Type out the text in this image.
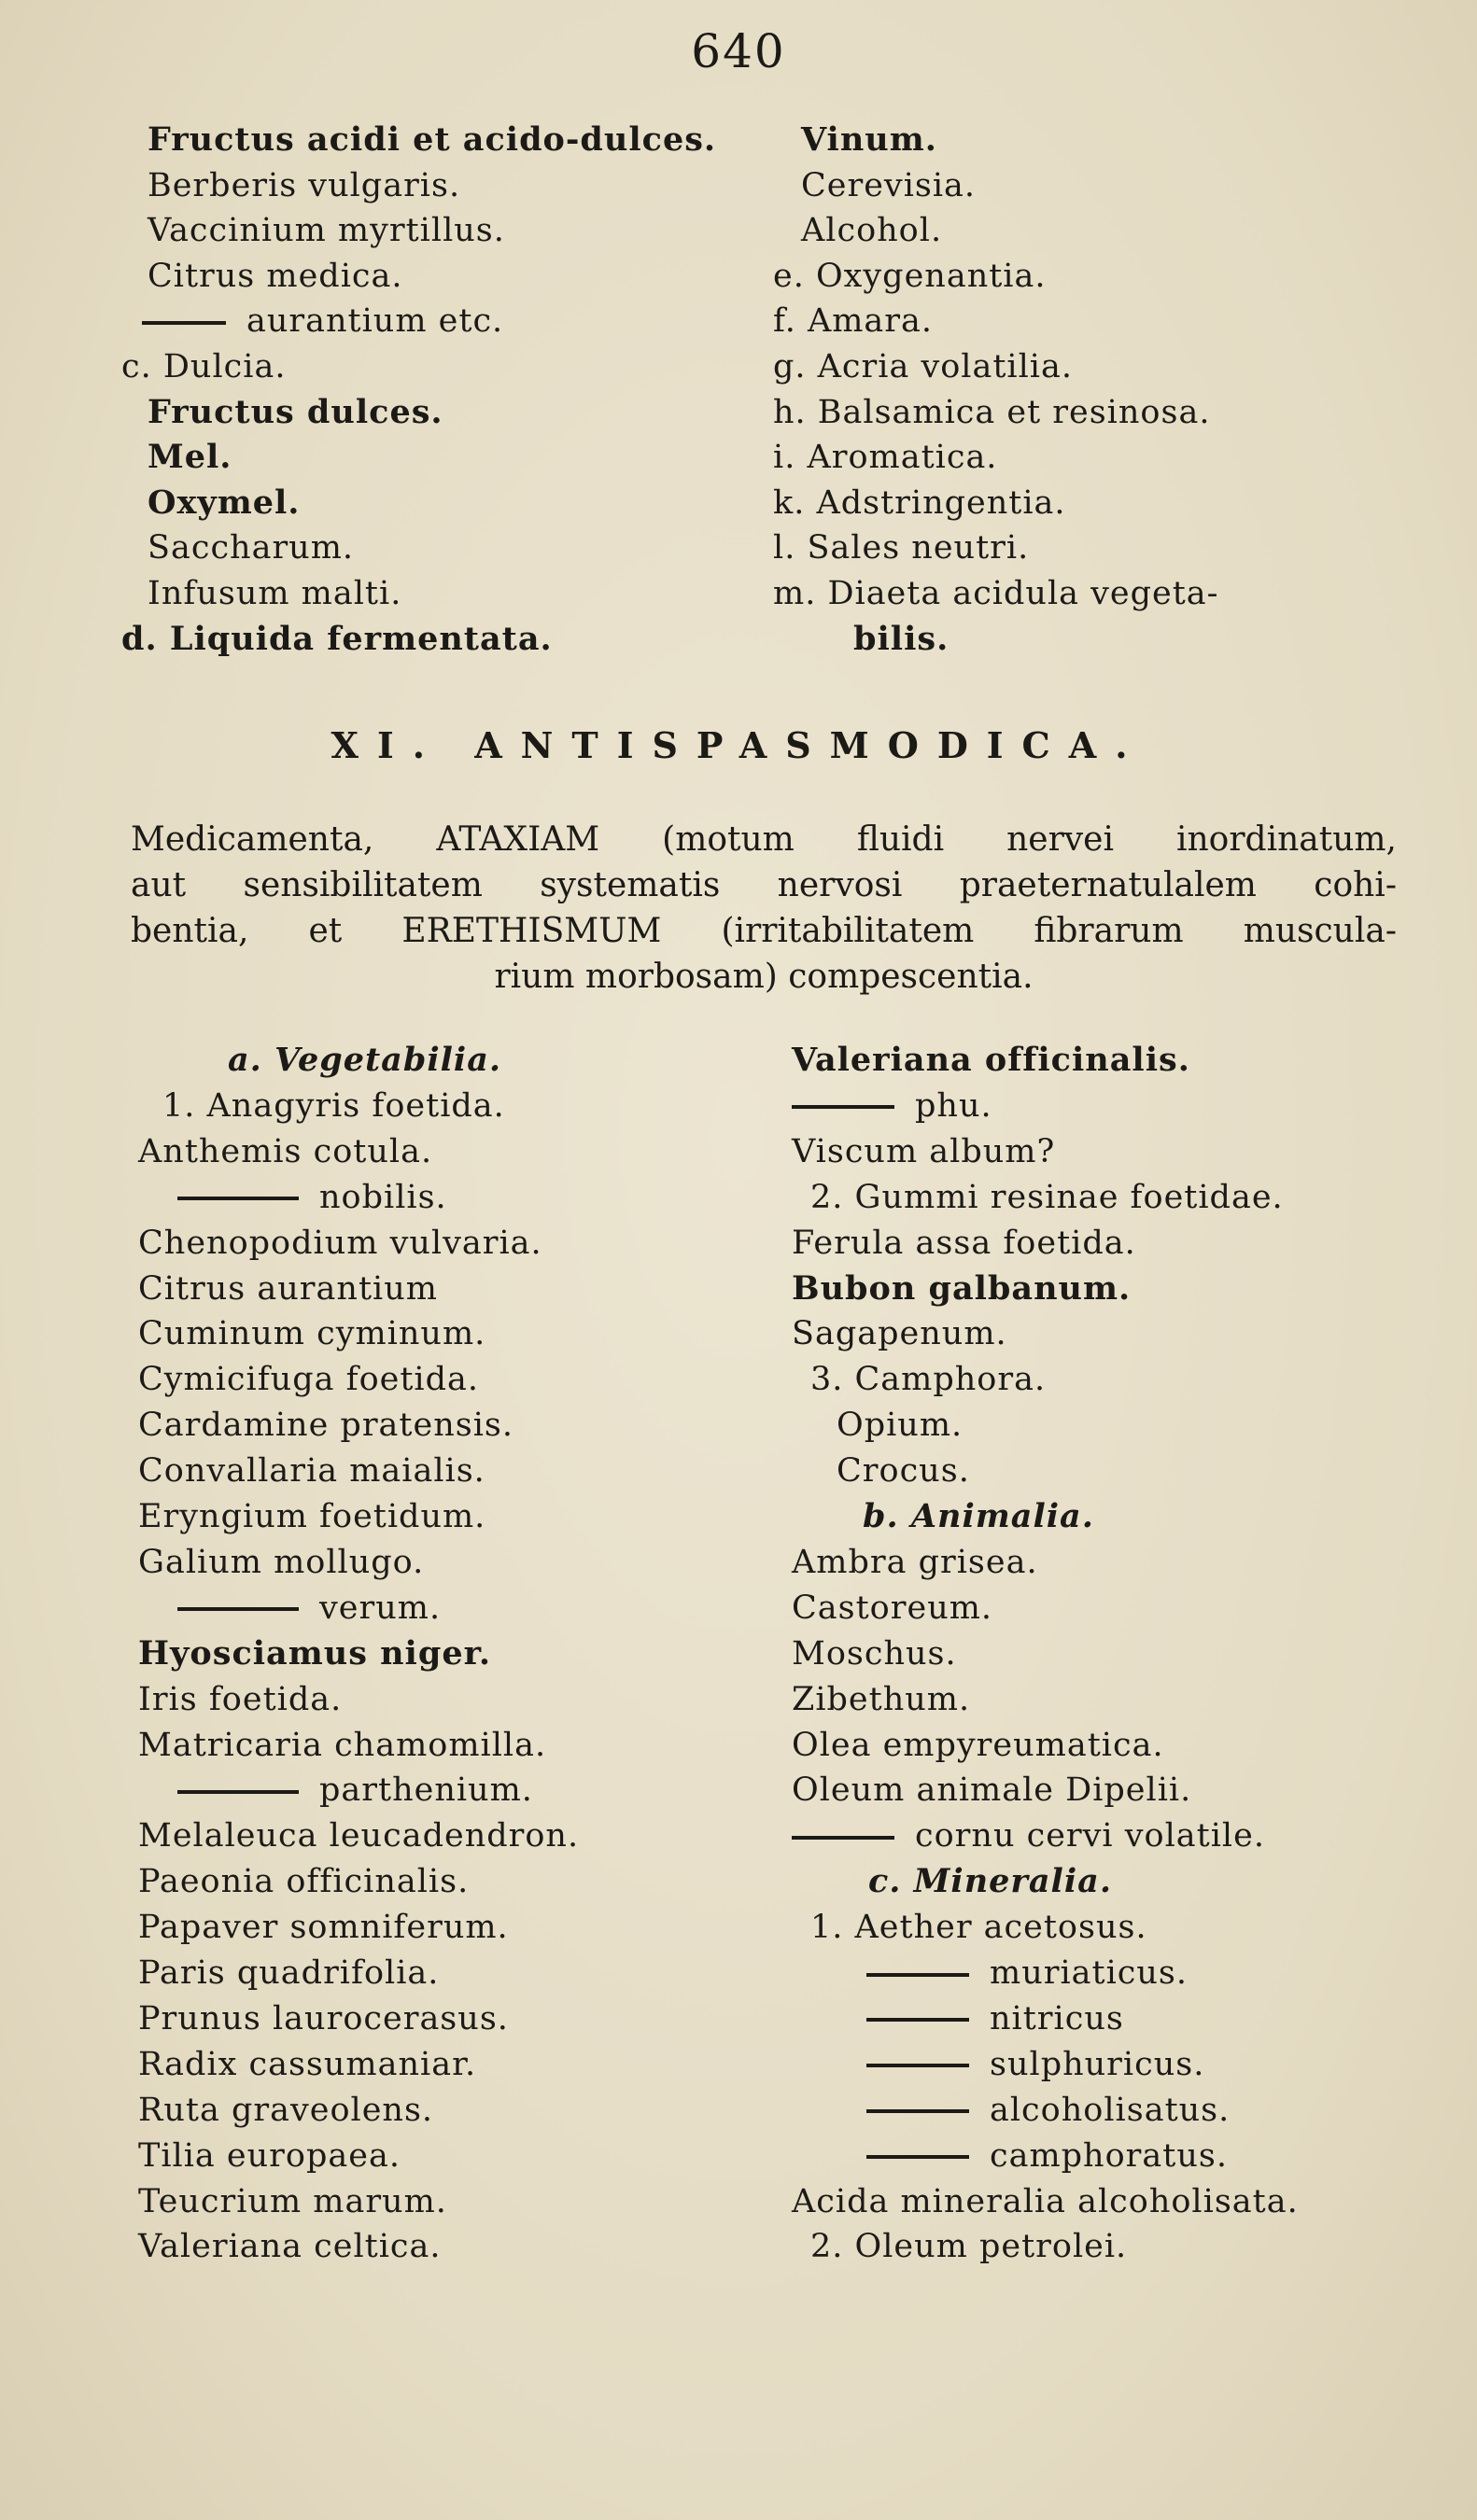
640
Fructus acidi et acido-dulces.
Berberis vulgaris.
Vaccinium myrtillus.
Citrus medica.
aurantium etc.
c. Dulcia.
Fructus dulces.
Mel.
Oxymel.
Saccharum.
Infusum malti.
d. Liquida fermentata.
Vinum.
Cerevisia.
Alcohol.
e. Oxygenantia.
f. Amara.
g. Acria volatilia.
h. Balsamica et resinosa.
i. Aromatica.
k. Adstringentia.
l. Sales neutri.
m. Diaeta acidula vegeta-
bilis.
XI. ANTISPASMODICA.
Medicamenta, ATAXIAM (motum fluidi nervei inordinatum,
aut sensibilitatem systematis nervosi praeternatulalem cohi-
bentia, et ERETHISMUM (irritabilitatem fibrarum muscula-
rium morbosam) compescentia.
a. Vegetabilia.
1. Anagyris foetida.
Anthemis cotula.
nobilis.
Chenopodium vulvaria.
Citrus aurantium
Cuminum cyminum.
Cymicifuga foetida.
Cardamine pratensis.
Convallaria maialis.
Eryngium foetidum.
Galium mollugo.
verum.
Hyosciamus niger.
Iris foetida.
Matricaria chamomilla.
parthenium.
Melaleuca leucadendron.
Paeonia officinalis.
Papaver somniferum.
Paris quadrifolia.
Prunus laurocerasus.
Radix cassumaniar.
Ruta graveolens.
Tilia europaea.
Teucrium marum.
Valeriana celtica.
Valeriana officinalis.
phu.
Viscum album?
2. Gummi resinae foetidae.
Ferula assa foetida.
Bubon galbanum.
Sagapenum.
3. Camphora.
Opium.
Crocus.
b. Animalia.
Ambra grisea.
Castoreum.
Moschus.
Zibethum.
Olea empyreumatica.
Oleum animale Dipelii.
cornu cervi volatile.
c. Mineralia.
1. Aether acetosus.
muriaticus.
nitricus
sulphuricus.
alcoholisatus.
camphoratus.
Acida mineralia alcoholisata.
2. Oleum petrolei.
